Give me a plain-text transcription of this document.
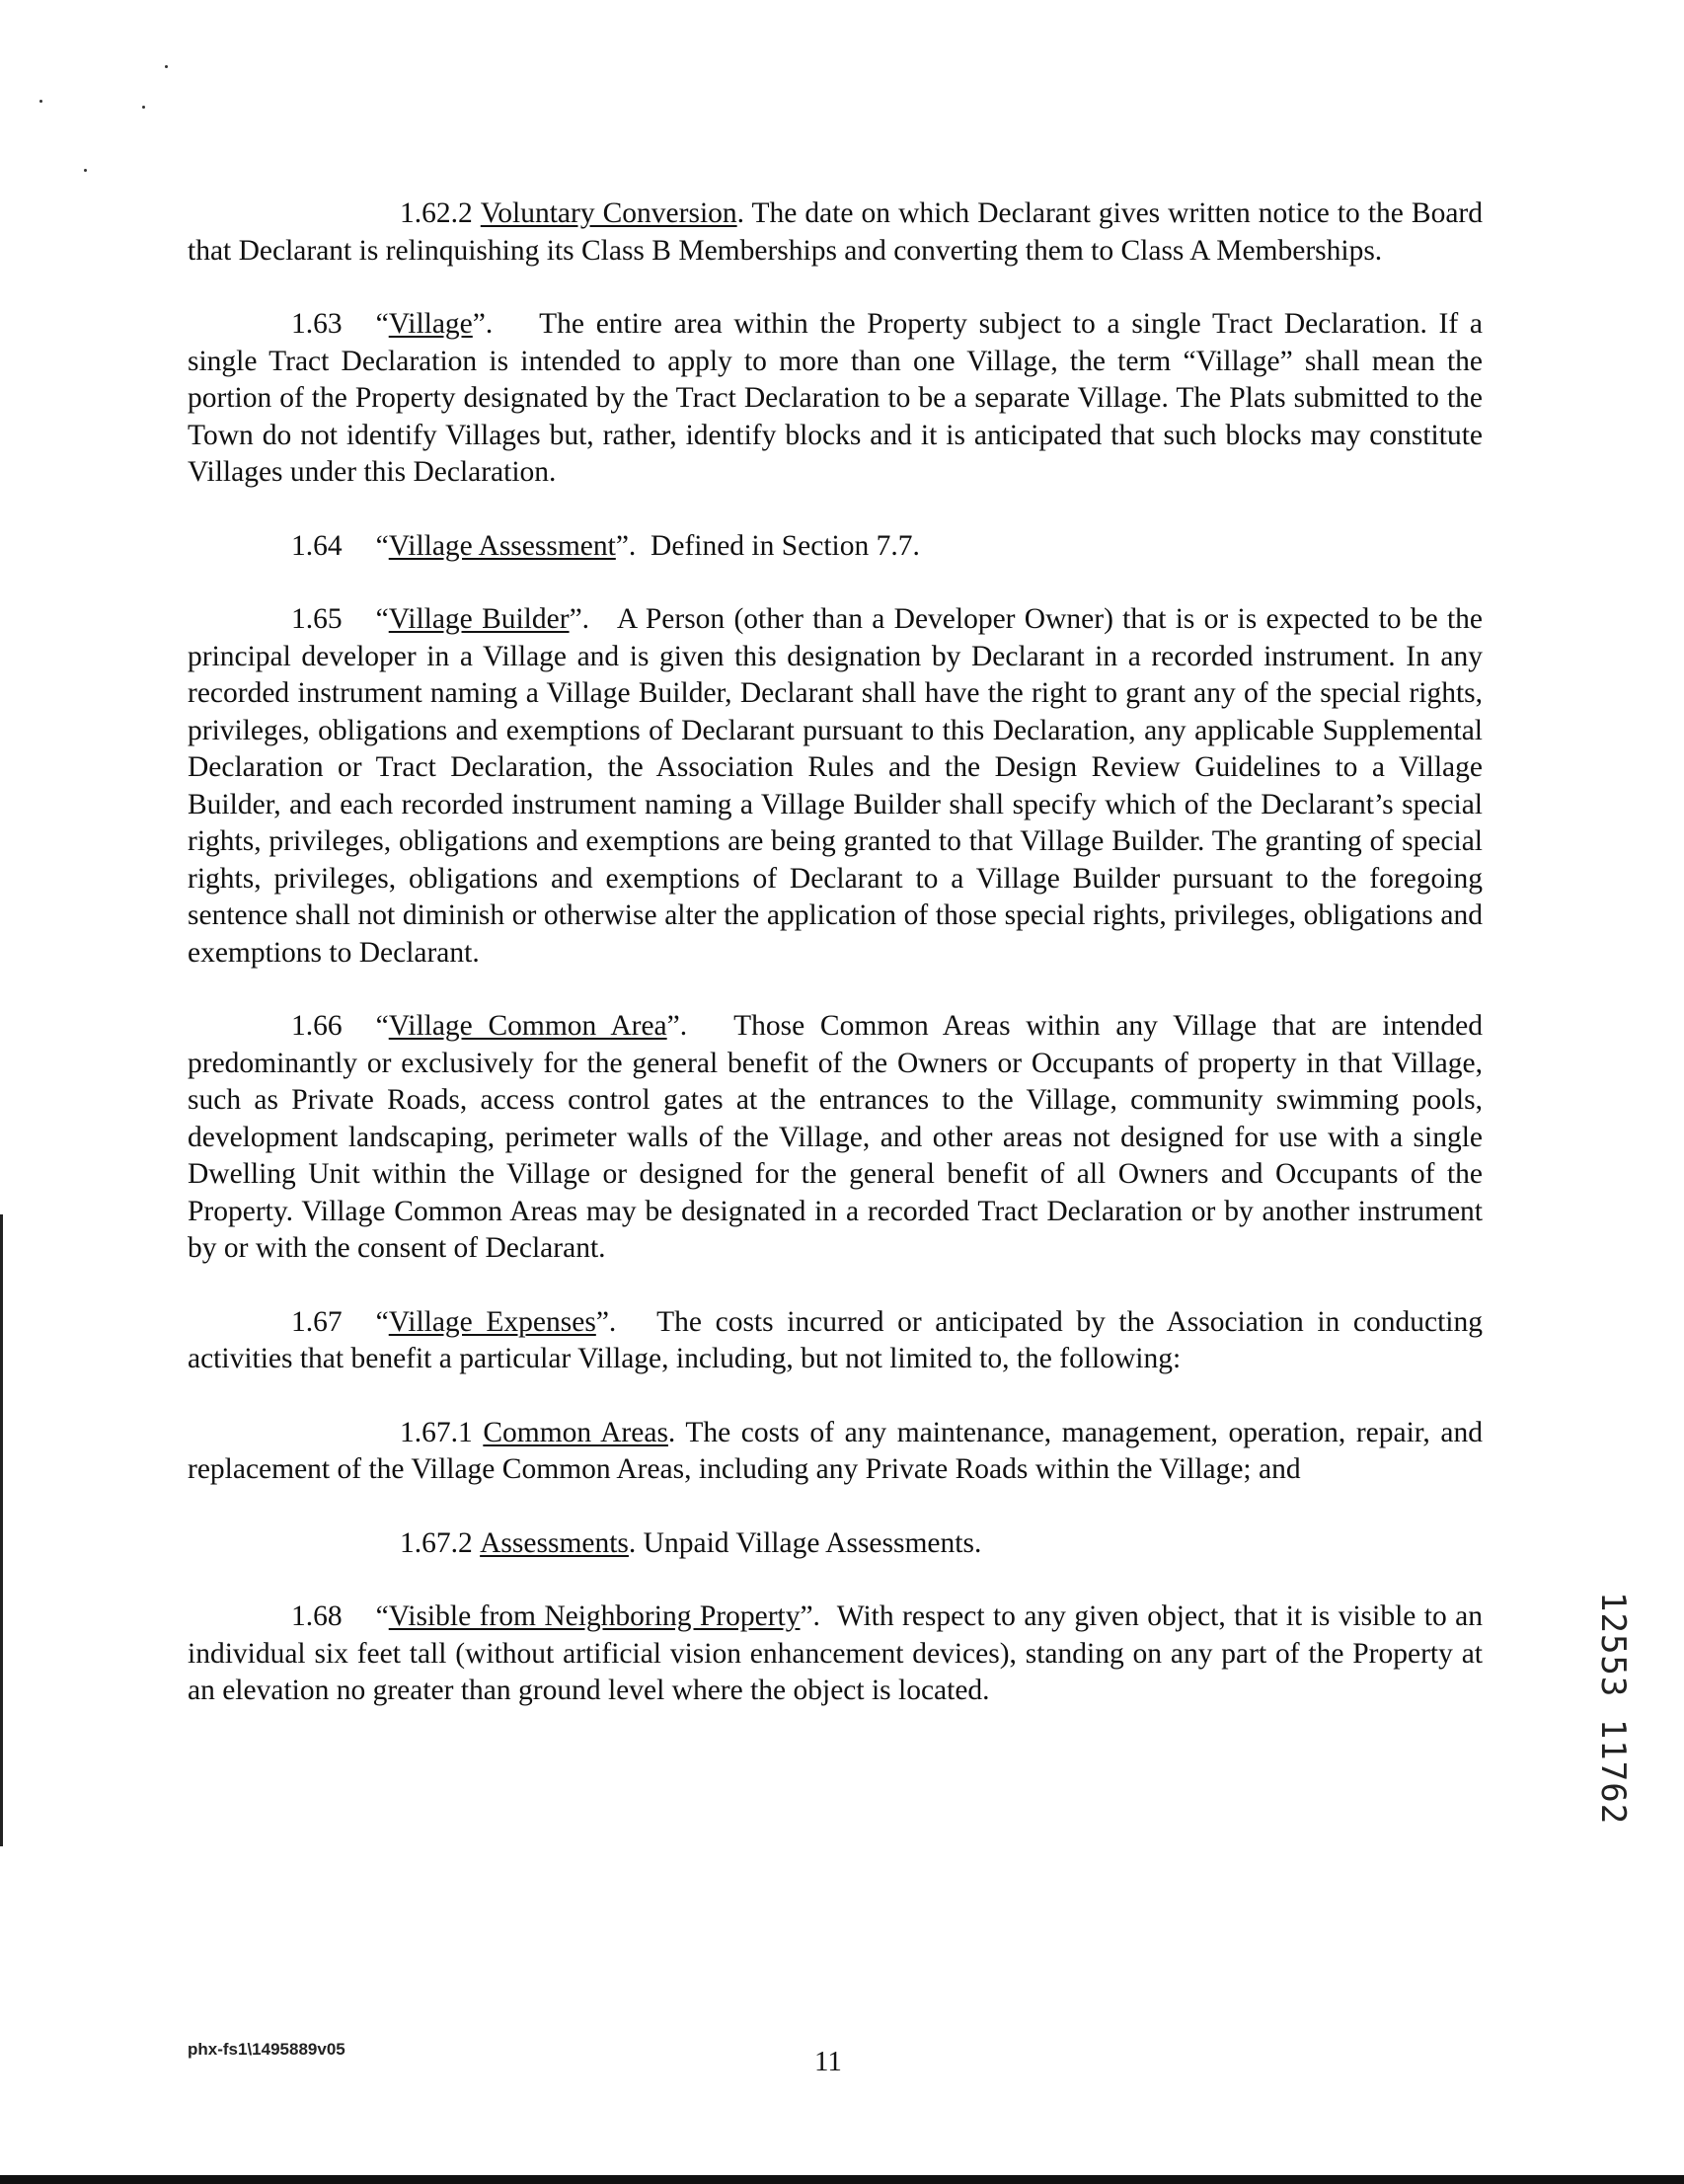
1.62.2 Voluntary Conversion. The date on which Declarant gives written notice to the Board that Declarant is relinquishing its Class B Memberships and converting them to Class A Memberships.

1.63 “Village”. The entire area within the Property subject to a single Tract Declaration. If a single Tract Declaration is intended to apply to more than one Village, the term “Village” shall mean the portion of the Property designated by the Tract Declaration to be a separate Village. The Plats submitted to the Town do not identify Villages but, rather, identify blocks and it is anticipated that such blocks may constitute Villages under this Declaration.

1.64 “Village Assessment”. Defined in Section 7.7.

1.65 “Village Builder”. A Person (other than a Developer Owner) that is or is expected to be the principal developer in a Village and is given this designation by Declarant in a recorded instrument. In any recorded instrument naming a Village Builder, Declarant shall have the right to grant any of the special rights, privileges, obligations and exemptions of Declarant pursuant to this Declaration, any applicable Supplemental Declaration or Tract Declaration, the Association Rules and the Design Review Guidelines to a Village Builder, and each recorded instrument naming a Village Builder shall specify which of the Declarant’s special rights, privileges, obligations and exemptions are being granted to that Village Builder. The granting of special rights, privileges, obligations and exemptions of Declarant to a Village Builder pursuant to the foregoing sentence shall not diminish or otherwise alter the application of those special rights, privileges, obligations and exemptions to Declarant.

1.66 “Village Common Area”. Those Common Areas within any Village that are intended predominantly or exclusively for the general benefit of the Owners or Occupants of property in that Village, such as Private Roads, access control gates at the entrances to the Village, community swimming pools, development landscaping, perimeter walls of the Village, and other areas not designed for use with a single Dwelling Unit within the Village or designed for the general benefit of all Owners and Occupants of the Property. Village Common Areas may be designated in a recorded Tract Declaration or by another instrument by or with the consent of Declarant.

1.67 “Village Expenses”. The costs incurred or anticipated by the Association in conducting activities that benefit a particular Village, including, but not limited to, the following:

1.67.1 Common Areas. The costs of any maintenance, management, operation, repair, and replacement of the Village Common Areas, including any Private Roads within the Village; and

1.67.2 Assessments. Unpaid Village Assessments.

1.68 “Visible from Neighboring Property”. With respect to any given object, that it is visible to an individual six feet tall (without artificial vision enhancement devices), standing on any part of the Property at an elevation no greater than ground level where the object is located.	12553 11762
phx-fs1\1495889v05	11
